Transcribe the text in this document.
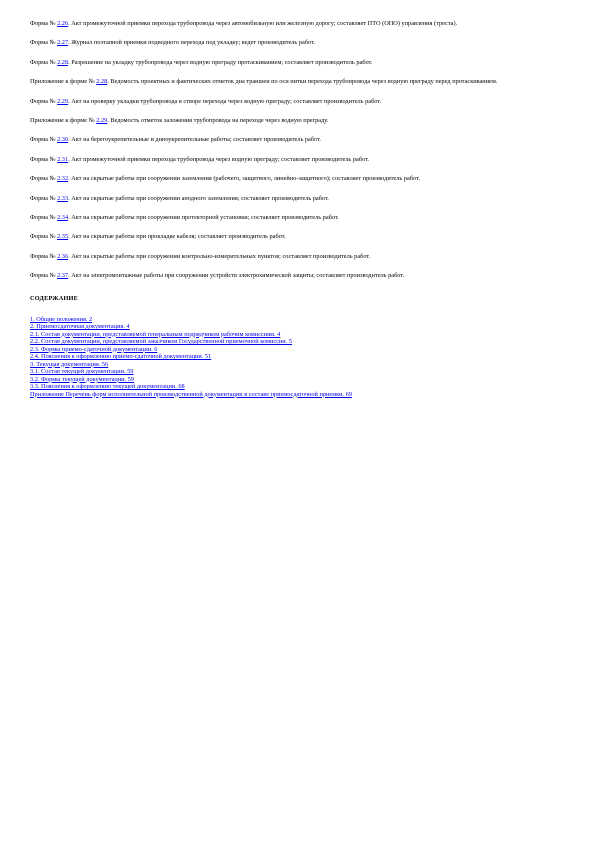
Форма № 2.26. Акт промежуточной приемки перехода трубопровода через автомобильную или железную дорогу; составляет ПТО (ОПО) управления (треста).
Форма № 2.27. Журнал поэтапной приемки подводного перехода под укладку; ведет производитель работ.
Форма № 2.28. Разрешение на укладку трубопровода через водную преграду протаскиванием; составляет производитель работ.
Приложение к форме № 2.28. Ведомость проектных и фактических отметок дна траншеи по оси нитки перехода трубопровода через водную преграду перед протаскиванием.
Форма № 2.29. Акт на проверку укладки трубопровода в створе перехода через водную преграду; составляет производитель работ.
Приложение к форме № 2.29. Ведомость отметок заложения трубопровода на переходе через водную преграду.
Форма № 2.30. Акт на берегоукрепительные и днноукрепительные работы; составляет производитель работ.
Форма № 2.31. Акт промежуточной приемки перехода трубопровода через водную преграду; составляет производитель работ.
Форма № 2.32. Акт на скрытые работы при сооружении заземления (рабочего, защитного, линейно-защитного); составляет производитель работ.
Форма № 2.33. Акт на скрытые работы при сооружении анодного заземления; составляет производитель работ.
Форма № 2.34. Акт на скрытые работы при сооружении протекторной установки; составляет производитель работ.
Форма № 2.35. Акт на скрытые работы при прокладке кабеля; составляет производитель работ.
Форма № 2.36. Акт на скрытые работы при сооружении контрольно-измерительных пунктов; составляет производитель работ.
Форма № 2.37. Акт на электромонтажные работы при сооружении устройств электрохимической защиты; составляет производитель работ.
СОДЕРЖАНИЕ
1. Общие положения. 2
2. Приемосдаточная документация. 4
2.1. Состав документации, представляемой генеральным подрядчиком рабочим комиссиям. 4
2.2. Состав документации, представляемой заказчиком Государственной приемочной комиссии. 5
2.3. Формы приемо-сдаточной документации. 6
2.4. Пояснения к оформлению приемо-сдаточной документации. 51
3. Текущая документация. 56
3.1. Состав текущей документации. 59
3.2. Формы текущей документации. 59
3.3. Пояснения к оформлению текущей документации. 68
Приложение Перечень форм исполнительной производственной документации в составе приемосдаточной приемки. 69
